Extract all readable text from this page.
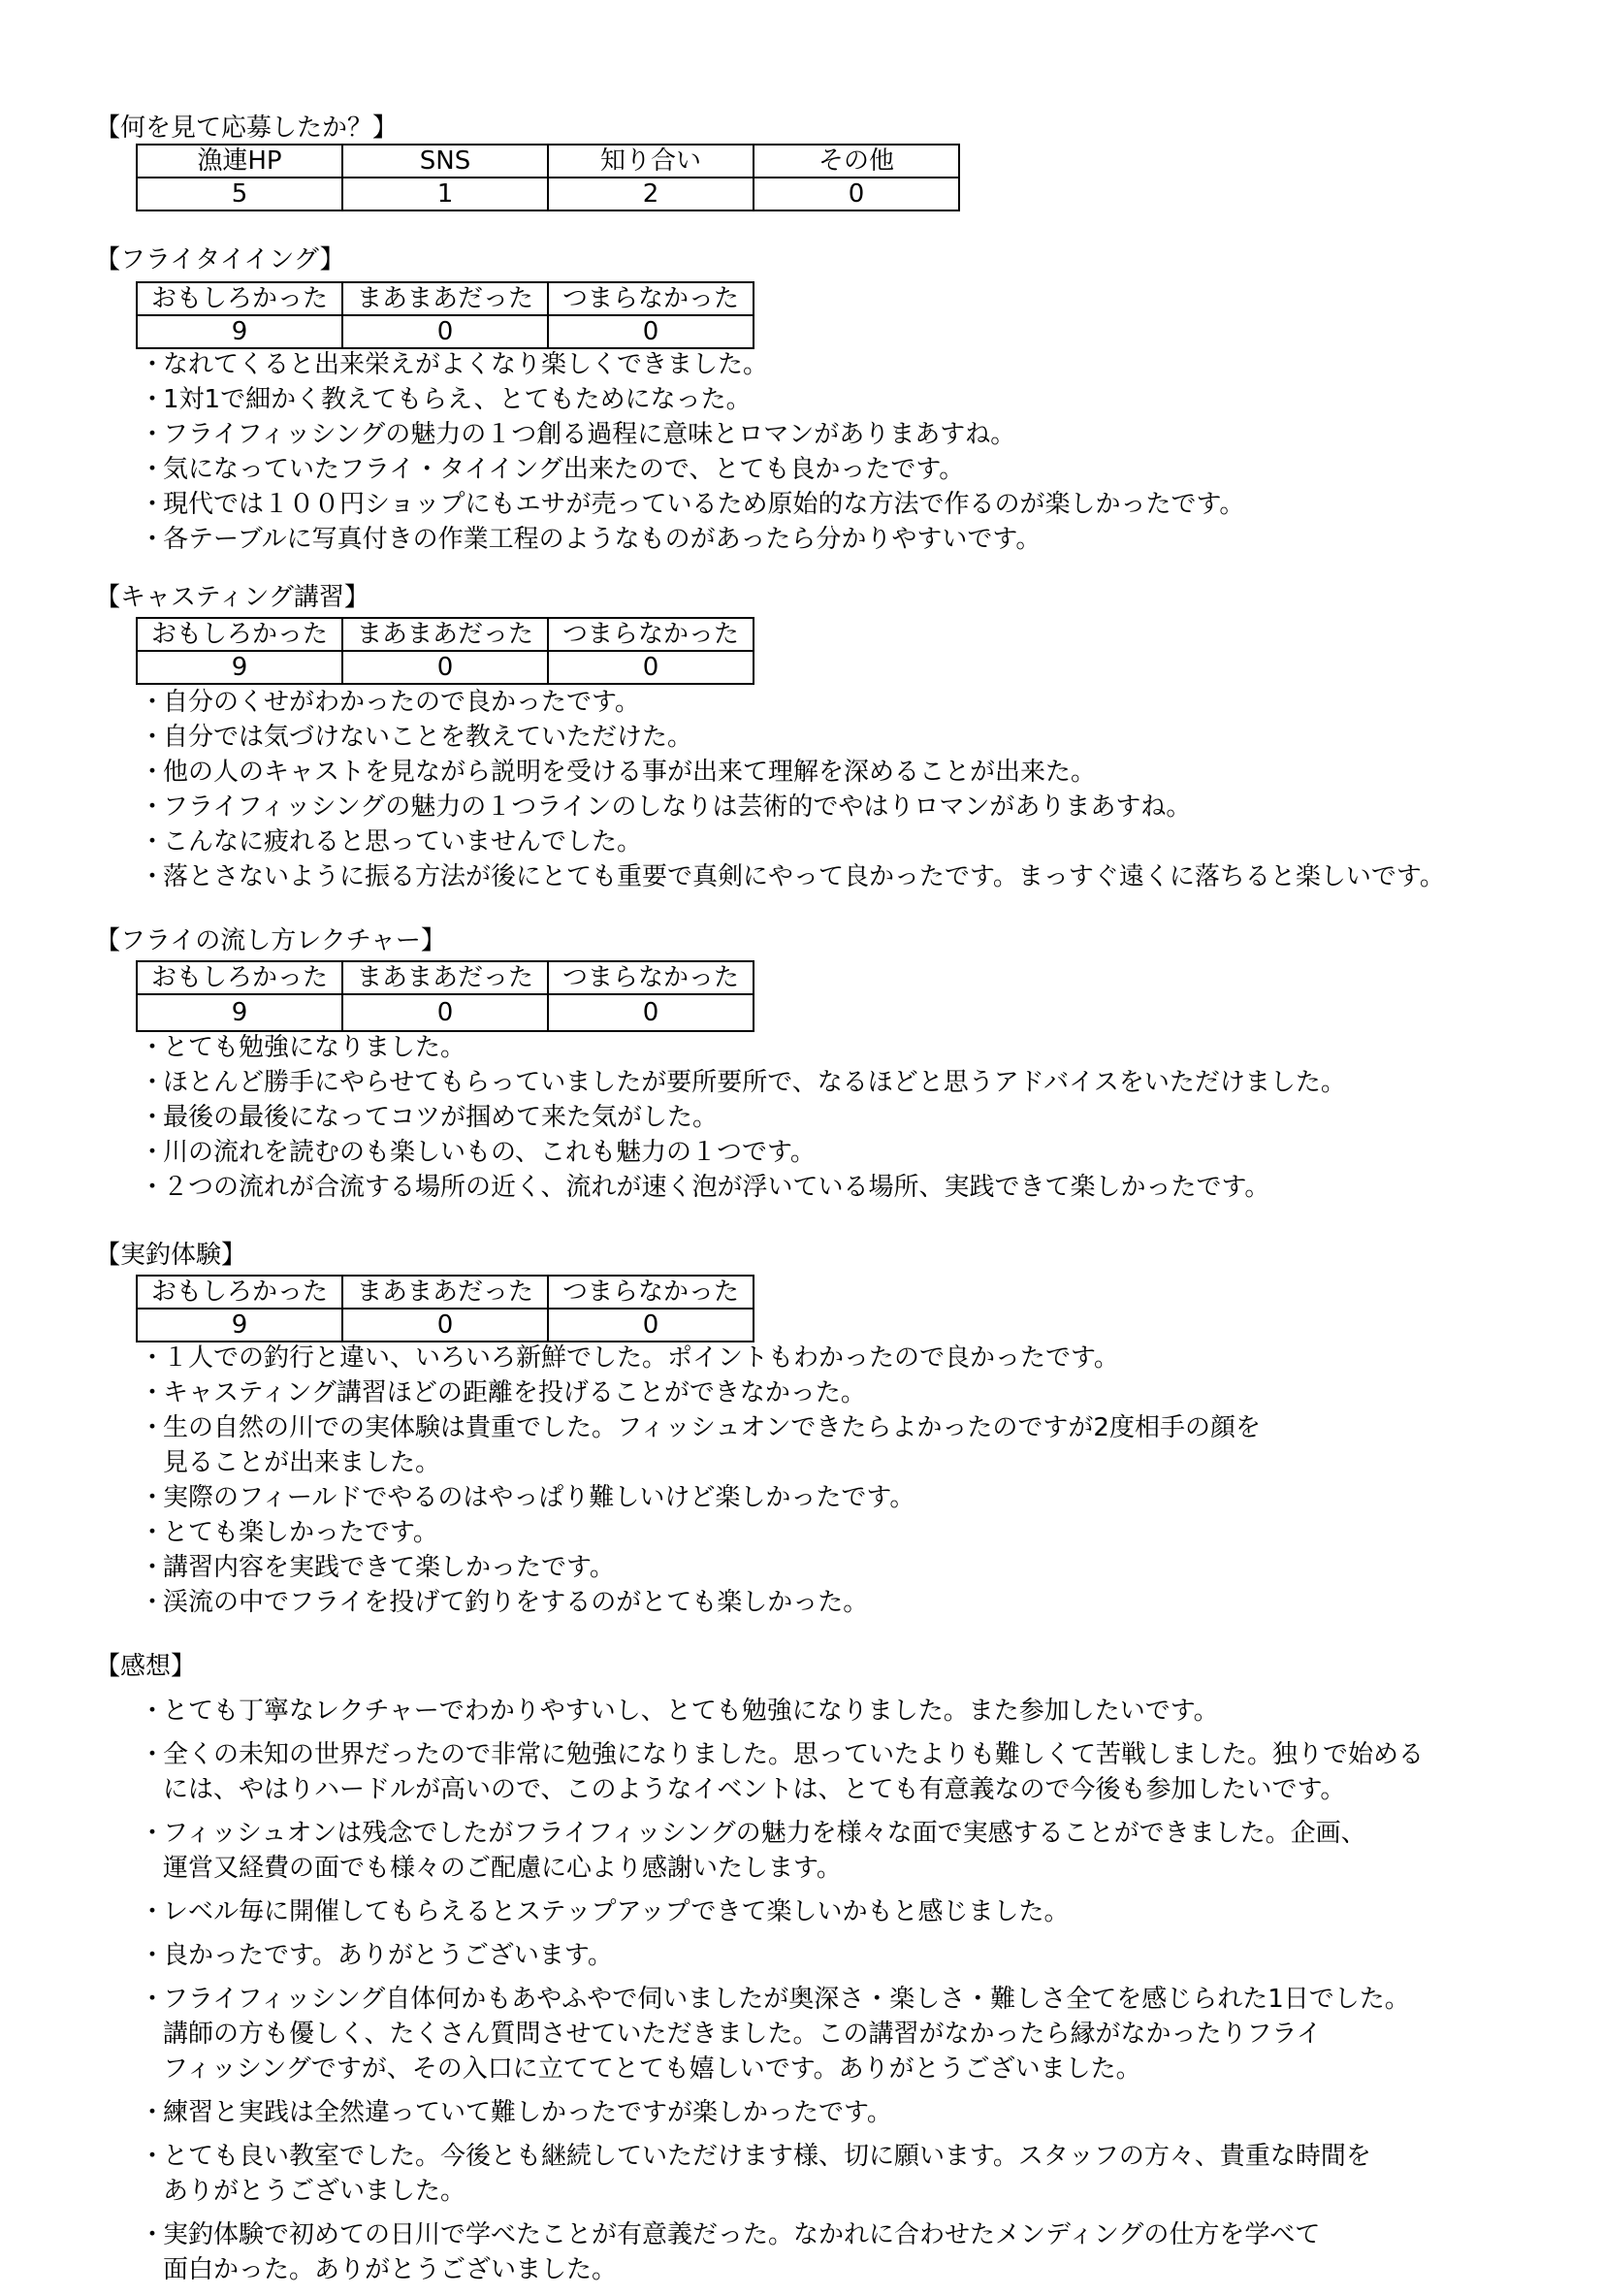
【何を見て応募したか？】
漁連HP	SNS	知り合い	その他
5	1	2	0
【フライタイイング】
おもしろかった	まあまあだった	つまらなかった
9	0	0
・ なれてくると出来栄えがよくなり楽しくできました。
・ 1対1で細かく教えてもらえ、とてもためになった。
・ フライフィッシングの魅力の１つ創る過程に意味とロマンがありまあすね。
・ 気になっていたフライ・タイイング出来たので、とても良かったです。
・ 現代では１００円ショップにもエサが売っているため原始的な方法で作るのが楽しかったです。
・ 各テーブルに写真付きの作業工程のようなものがあったら分かりやすいです。
【キャスティング講習】
おもしろかった	まあまあだった	つまらなかった
9	0	0
・ 自分のくせがわかったので良かったです。
・ 自分では気づけないことを教えていただけた。
・ 他の人のキャストを見ながら説明を受ける事が出来て理解を深めることが出来た。
・ フライフィッシングの魅力の１つラインのしなりは芸術的でやはりロマンがありまあすね。
・ こんなに疲れると思っていませんでした。
・ 落とさないように振る方法が後にとても重要で真剣にやって良かったです。まっすぐ遠くに落ちると楽しいです。
【フライの流し方レクチャー】
おもしろかった	まあまあだった	つまらなかった
9	0	0
・ とても勉強になりました。
・ ほとんど勝手にやらせてもらっていましたが要所要所で、なるほどと思うアドバイスをいただけました。
・ 最後の最後になってコツが掴めて来た気がした。
・ 川の流れを読むのも楽しいもの、これも魅力の１つです。
・ ２つの流れが合流する場所の近く、流れが速く泡が浮いている場所、実践できて楽しかったです。
【実釣体験】
おもしろかった	まあまあだった	つまらなかった
9	0	0
・ １人での釣行と違い、いろいろ新鮮でした。ポイントもわかったので良かったです。
・ キャスティング講習ほどの距離を投げることができなかった。
・ 生の自然の川での実体験は貴重でした。フィッシュオンできたらよかったのですが2度相手の顔を
見ることが出来ました。
・ 実際のフィールドでやるのはやっぱり難しいけど楽しかったです。
・ とても楽しかったです。
・ 講習内容を実践できて楽しかったです。
・ 渓流の中でフライを投げて釣りをするのがとても楽しかった。
【感想】
・ とても丁寧なレクチャーでわかりやすいし、とても勉強になりました。また参加したいです。
・ 全くの未知の世界だったので非常に勉強になりました。思っていたよりも難しくて苦戦しました。独りで始める
には、やはりハードルが高いので、このようなイベントは、とても有意義なので今後も参加したいです。
・ フィッシュオンは残念でしたがフライフィッシングの魅力を様々な面で実感することができました。企画、
運営又経費の面でも様々のご配慮に心より感謝いたします。
・ レベル毎に開催してもらえるとステップアップできて楽しいかもと感じました。
・ 良かったです。ありがとうございます。
・ フライフィッシング自体何かもあやふやで伺いましたが奥深さ・楽しさ・難しさ全てを感じられた1日でした。
講師の方も優しく、たくさん質問させていただきました。この講習がなかったら縁がなかったりフライ
フィッシングですが、その入口に立ててとても嬉しいです。ありがとうございました。
・ 練習と実践は全然違っていて難しかったですが楽しかったです。
・ とても良い教室でした。今後とも継続していただけます様、切に願います。スタッフの方々、貴重な時間を
ありがとうございました。
・ 実釣体験で初めての日川で学べたことが有意義だった。なかれに合わせたメンディングの仕方を学べて
面白かった。ありがとうございました。
